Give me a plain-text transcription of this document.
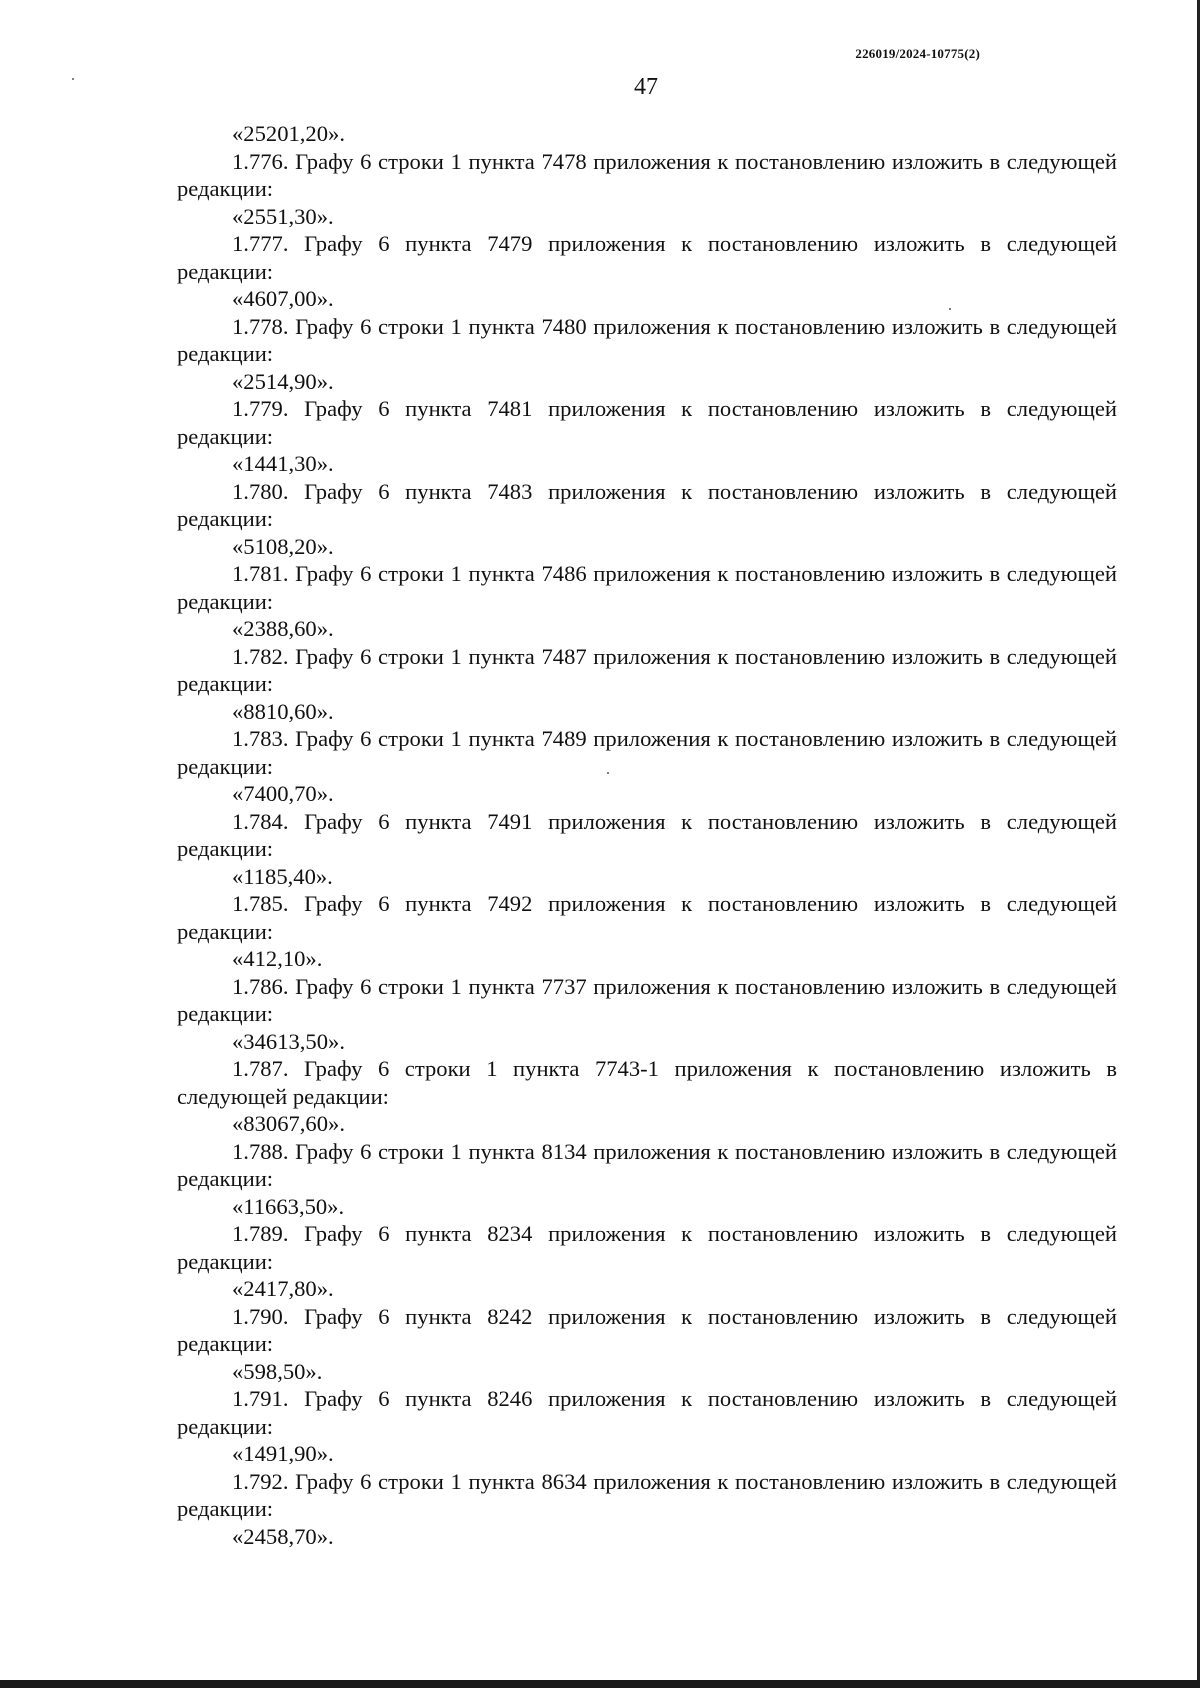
226019/2024-10775(2)
47
«25201,20».

1.776. Графу 6 строки 1 пункта 7478 приложения к постановлению изложить в следующей редакции:

«2551,30».

1.777. Графу 6 пункта 7479 приложения к постановлению изложить в следующей редакции:

«4607,00».

1.778. Графу 6 строки 1 пункта 7480 приложения к постановлению изложить в следующей редакции:

«2514,90».

1.779. Графу 6 пункта 7481 приложения к постановлению изложить в следующей редакции:

«1441,30».

1.780. Графу 6 пункта 7483 приложения к постановлению изложить в следующей редакции:

«5108,20».

1.781. Графу 6 строки 1 пункта 7486 приложения к постановлению изложить в следующей редакции:

«2388,60».

1.782. Графу 6 строки 1 пункта 7487 приложения к постановлению изложить в следующей редакции:

«8810,60».

1.783. Графу 6 строки 1 пункта 7489 приложения к постановлению изложить в следующей редакции:

«7400,70».

1.784. Графу 6 пункта 7491 приложения к постановлению изложить в следующей редакции:

«1185,40».

1.785. Графу 6 пункта 7492 приложения к постановлению изложить в следующей редакции:

«412,10».

1.786. Графу 6 строки 1 пункта 7737 приложения к постановлению изложить в следующей редакции:

«34613,50».

1.787. Графу 6 строки 1 пункта 7743-1 приложения к постановлению изложить в следующей редакции:

«83067,60».

1.788. Графу 6 строки 1 пункта 8134 приложения к постановлению изложить в следующей редакции:

«11663,50».

1.789. Графу 6 пункта 8234 приложения к постановлению изложить в следующей редакции:

«2417,80».

1.790. Графу 6 пункта 8242 приложения к постановлению изложить в следующей редакции:

«598,50».

1.791. Графу 6 пункта 8246 приложения к постановлению изложить в следующей редакции:

«1491,90».

1.792. Графу 6 строки 1 пункта 8634 приложения к постановлению изложить в следующей редакции:

«2458,70».
